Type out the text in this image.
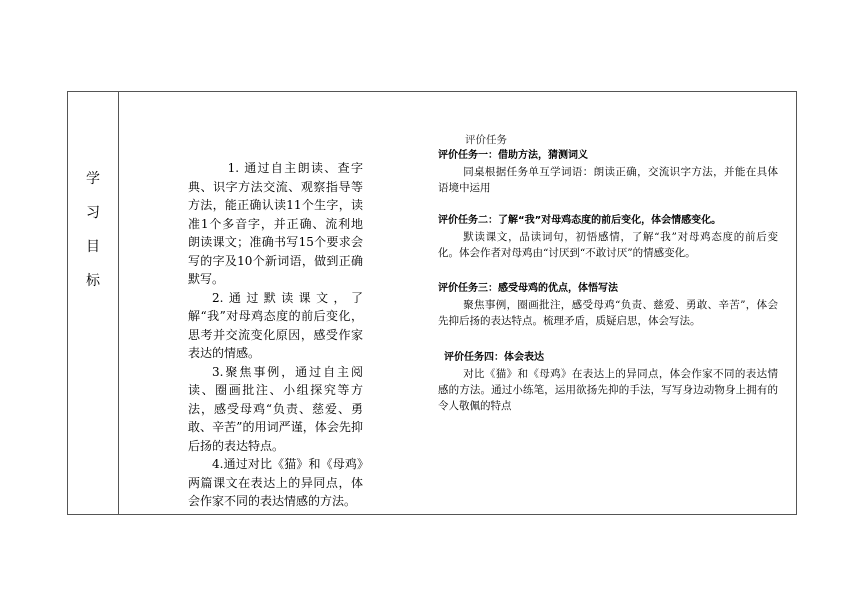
学
习
目
标

1. 通过自主朗读、查字典、识字方法交流、观察指导等方法，能正确认读11个生字，读准1个多音字，并正确、流利地朗读课文；准确书写15个要求会写的字及10个新词语，做到正确默写。

2.通过默读课文，了解“我”对母鸡态度的前后变化，思考并交流变化原因，感受作家表达的情感。

3.聚焦事例，通过自主阅读、圈画批注、小组探究等方法，感受母鸡“负责、慈爱、勇敢、辛苦”的用词严谨，体会先抑后扬的表达特点。

4.通过对比《猫》和《母鸡》两篇课文在表达上的异同点，体会作家不同的表达情感的方法。

评价任务

评价任务一：借助方法，猜测词义

同桌根据任务单互学词语：朗读正确，交流识字方法，并能在具体语境中运用

评价任务二：了解“我”对母鸡态度的前后变化，体会情感变化。

默读课文，品读词句，初悟感情，了解“我”对母鸡态度的前后变化。体会作者对母鸡由“讨厌到“不敢讨厌”的情感变化。

评价任务三：感受母鸡的优点，体悟写法

聚焦事例，圈画批注，感受母鸡“负责、慈爱、勇敢、辛苦”，体会先抑后扬的表达特点。梳理矛盾，质疑启思，体会写法。

评价任务四：体会表达

对比《猫》和《母鸡》在表达上的异同点，体会作家不同的表达情感的方法。通过小练笔，运用欲扬先抑的手法，写写身边动物身上拥有的令人敬佩的特点
